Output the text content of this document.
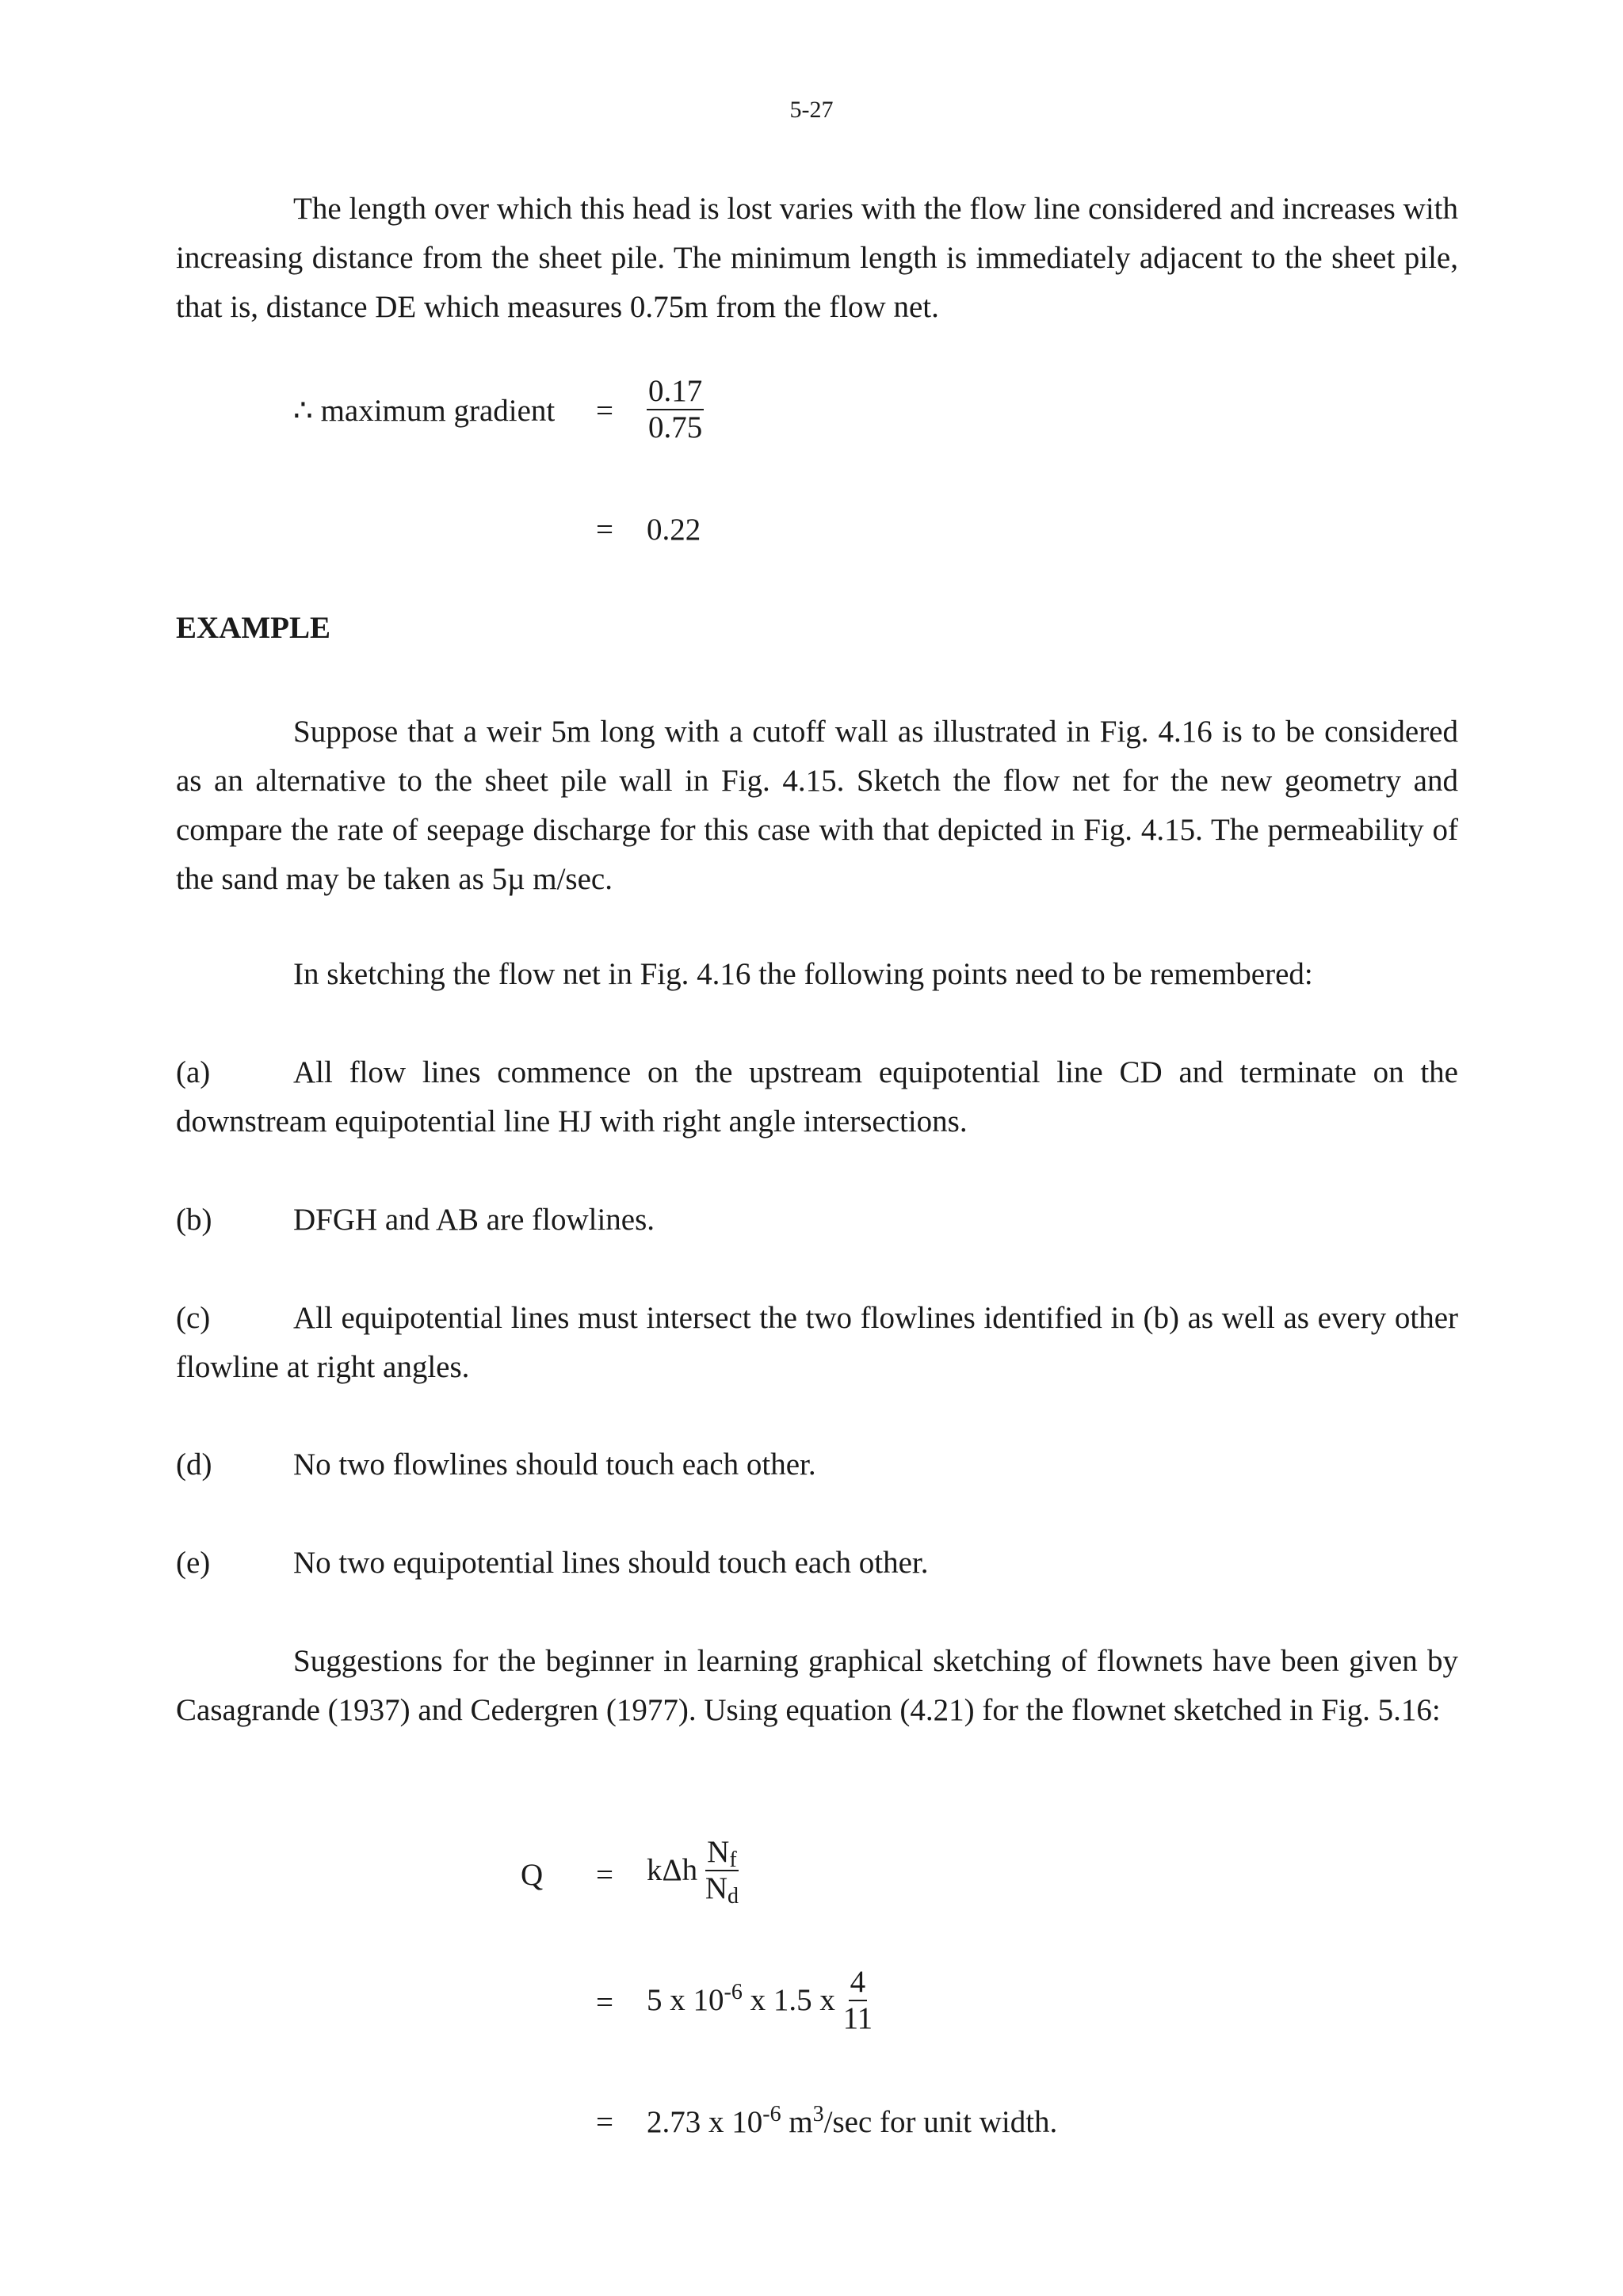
5-27

The length over which this head is lost varies with the flow line considered and increases with increasing distance from the sheet pile. The minimum length is immediately adjacent to the sheet pile, that is, distance DE which measures 0.75m from the flow net.

∴ maximum gradient = $\frac{0.17}{0.75}$
= 0.22
EXAMPLE

Suppose that a weir 5m long with a cutoff wall as illustrated in Fig. 4.16 is to be considered as an alternative to the sheet pile wall in Fig. 4.15. Sketch the flow net for the new geometry and compare the rate of seepage discharge for this case with that depicted in Fig. 4.15. The permeability of the sand may be taken as 5µ m/sec.

In sketching the flow net in Fig. 4.16 the following points need to be remembered:

(a)	All flow lines commence on the upstream equipotential line CD and terminate on the downstream equipotential line HJ with right angle intersections.

(b)	DFGH and AB are flowlines.

(c)	All equipotential lines must intersect the two flowlines identified in (b) as well as every other flowline at right angles.

(d)	No two flowlines should touch each other.

(e)	No two equipotential lines should touch each other.

Suggestions for the beginner in learning graphical sketching of flownets have been given by Casagrande (1937) and Cedergren (1977). Using equation (4.21) for the flownet sketched in Fig. 5.16:

Q = kΔh $\frac{N_f}{N_d}$
= 5 x $10^{-6}$ x 1.5 x $\frac{4}{11}$
= 2.73 x $10^{-6}$ $m^3/\sec$ for unit width.
